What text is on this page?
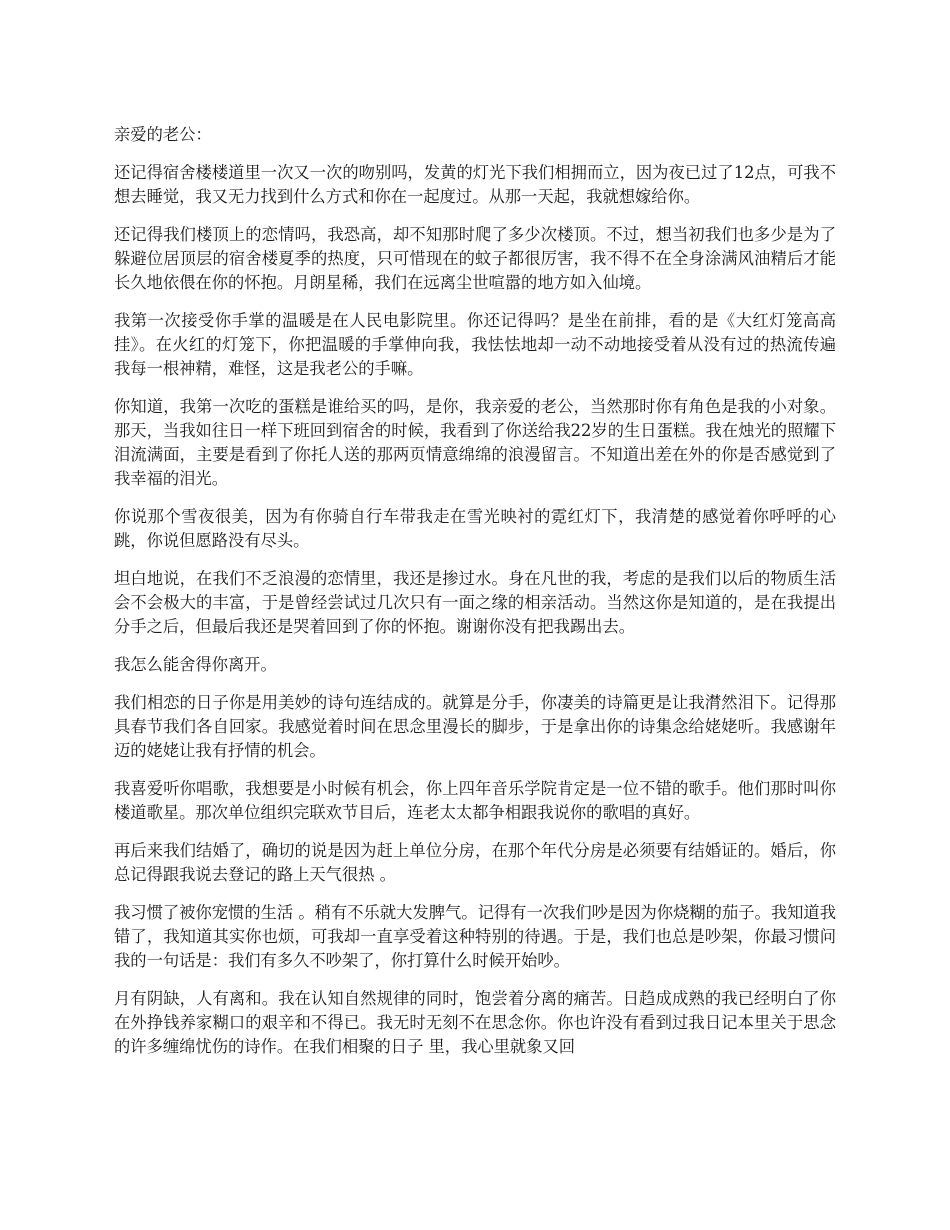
亲爱的老公：

还记得宿舍楼楼道里一次又一次的吻别吗，发黄的灯光下我们相拥而立，因为夜已过了12点，可我不想去睡觉，我又无力找到什么方式和你在一起度过。从那一天起，我就想嫁给你。

还记得我们楼顶上的恋情吗，我恐高，却不知那时爬了多少次楼顶。不过，想当初我们也多少是为了躲避位居顶层的宿舍楼夏季的热度，只可惜现在的蚊子都很厉害，我不得不在全身涂满风油精后才能长久地依偎在你的怀抱。月朗星稀，我们在远离尘世喧嚣的地方如入仙境。

我第一次接受你手掌的温暖是在人民电影院里。你还记得吗？是坐在前排，看的是《大红灯笼高高挂》。在火红的灯笼下，你把温暖的手掌伸向我，我怯怯地却一动不动地接受着从没有过的热流传遍我每一根神精，难怪，这是我老公的手嘛。

你知道，我第一次吃的蛋糕是谁给买的吗，是你，我亲爱的老公，当然那时你有角色是我的小对象。那天，当我如往日一样下班回到宿舍的时候，我看到了你送给我22岁的生日蛋糕。我在烛光的照耀下泪流满面，主要是看到了你托人送的那两页情意绵绵的浪漫留言。不知道出差在外的你是否感觉到了我幸福的泪光。

你说那个雪夜很美，因为有你骑自行车带我走在雪光映衬的霓红灯下，我清楚的感觉着你呼呼的心跳，你说但愿路没有尽头。

坦白地说，在我们不乏浪漫的恋情里，我还是掺过水。身在凡世的我，考虑的是我们以后的物质生活会不会极大的丰富，于是曾经尝试过几次只有一面之缘的相亲活动。当然这你是知道的，是在我提出分手之后，但最后我还是哭着回到了你的怀抱。谢谢你没有把我踢出去。

我怎么能舍得你离开。

我们相恋的日子你是用美妙的诗句连结成的。就算是分手，你凄美的诗篇更是让我潸然泪下。记得那具春节我们各自回家。我感觉着时间在思念里漫长的脚步，于是拿出你的诗集念给姥姥听。我感谢年迈的姥姥让我有抒情的机会。

我喜爱听你唱歌，我想要是小时候有机会，你上四年音乐学院肯定是一位不错的歌手。他们那时叫你楼道歌星。那次单位组织完联欢节目后，连老太太都争相跟我说你的歌唱的真好。

再后来我们结婚了，确切的说是因为赶上单位分房，在那个年代分房是必须要有结婚证的。婚后，你总记得跟我说去登记的路上天气很热 。

我习惯了被你宠惯的生活 。稍有不乐就大发脾气。记得有一次我们吵是因为你烧糊的茄子。我知道我错了，我知道其实你也烦，可我却一直享受着这种特别的待遇。于是，我们也总是吵架，你最习惯问我的一句话是：我们有多久不吵架了，你打算什么时候开始吵。

月有阴缺，人有离和。我在认知自然规律的同时，饱尝着分离的痛苦。日趋成成熟的我已经明白了你在外挣钱养家糊口的艰辛和不得已。我无时无刻不在思念你。你也许没有看到过我日记本里关于思念的许多缠绵忧伤的诗作。在我们相聚的日子 里，我心里就象又回
